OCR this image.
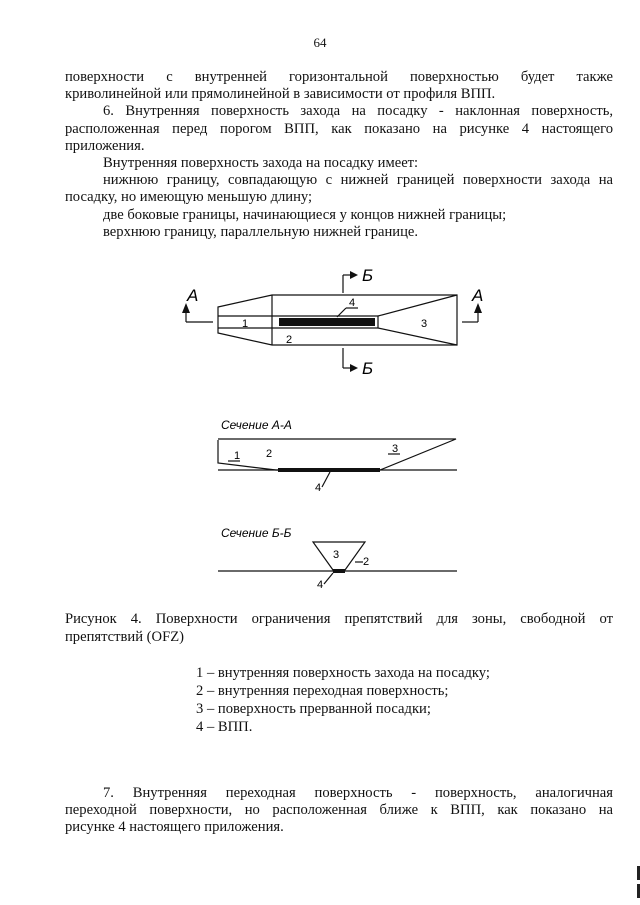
64
поверхности с внутренней горизонтальной поверхностью будет также
криволинейной или прямолинейной в зависимости от профиля ВПП.
6. Внутренняя поверхность захода на посадку - наклонная поверхность,
расположенная перед порогом ВПП, как показано на рисунке 4 настоящего
приложения.
Внутренняя поверхность захода на посадку имеет:
нижнюю границу, совпадающую с нижней границей поверхности захода на
посадку, но имеющую меньшую длину;
две боковые границы, начинающиеся у концов нижней границы;
верхнюю границу, параллельную нижней границе.
А	А
Б
Б
1
2
3
4
Сечение А-А
1 2	3
4
Сечение Б-Б
3
2
4
Рисунок 4. Поверхности ограничения препятствий для зоны, свободной от
препятствий (OFZ)
1 – внутренняя поверхность захода на посадку;
2 – внутренняя переходная поверхность;
3 – поверхность прерванной посадки;
4 – ВПП.
7. Внутренняя переходная поверхность - поверхность, аналогичная
переходной поверхности, но расположенная ближе к ВПП, как показано на
рисунке 4 настоящего приложения.
